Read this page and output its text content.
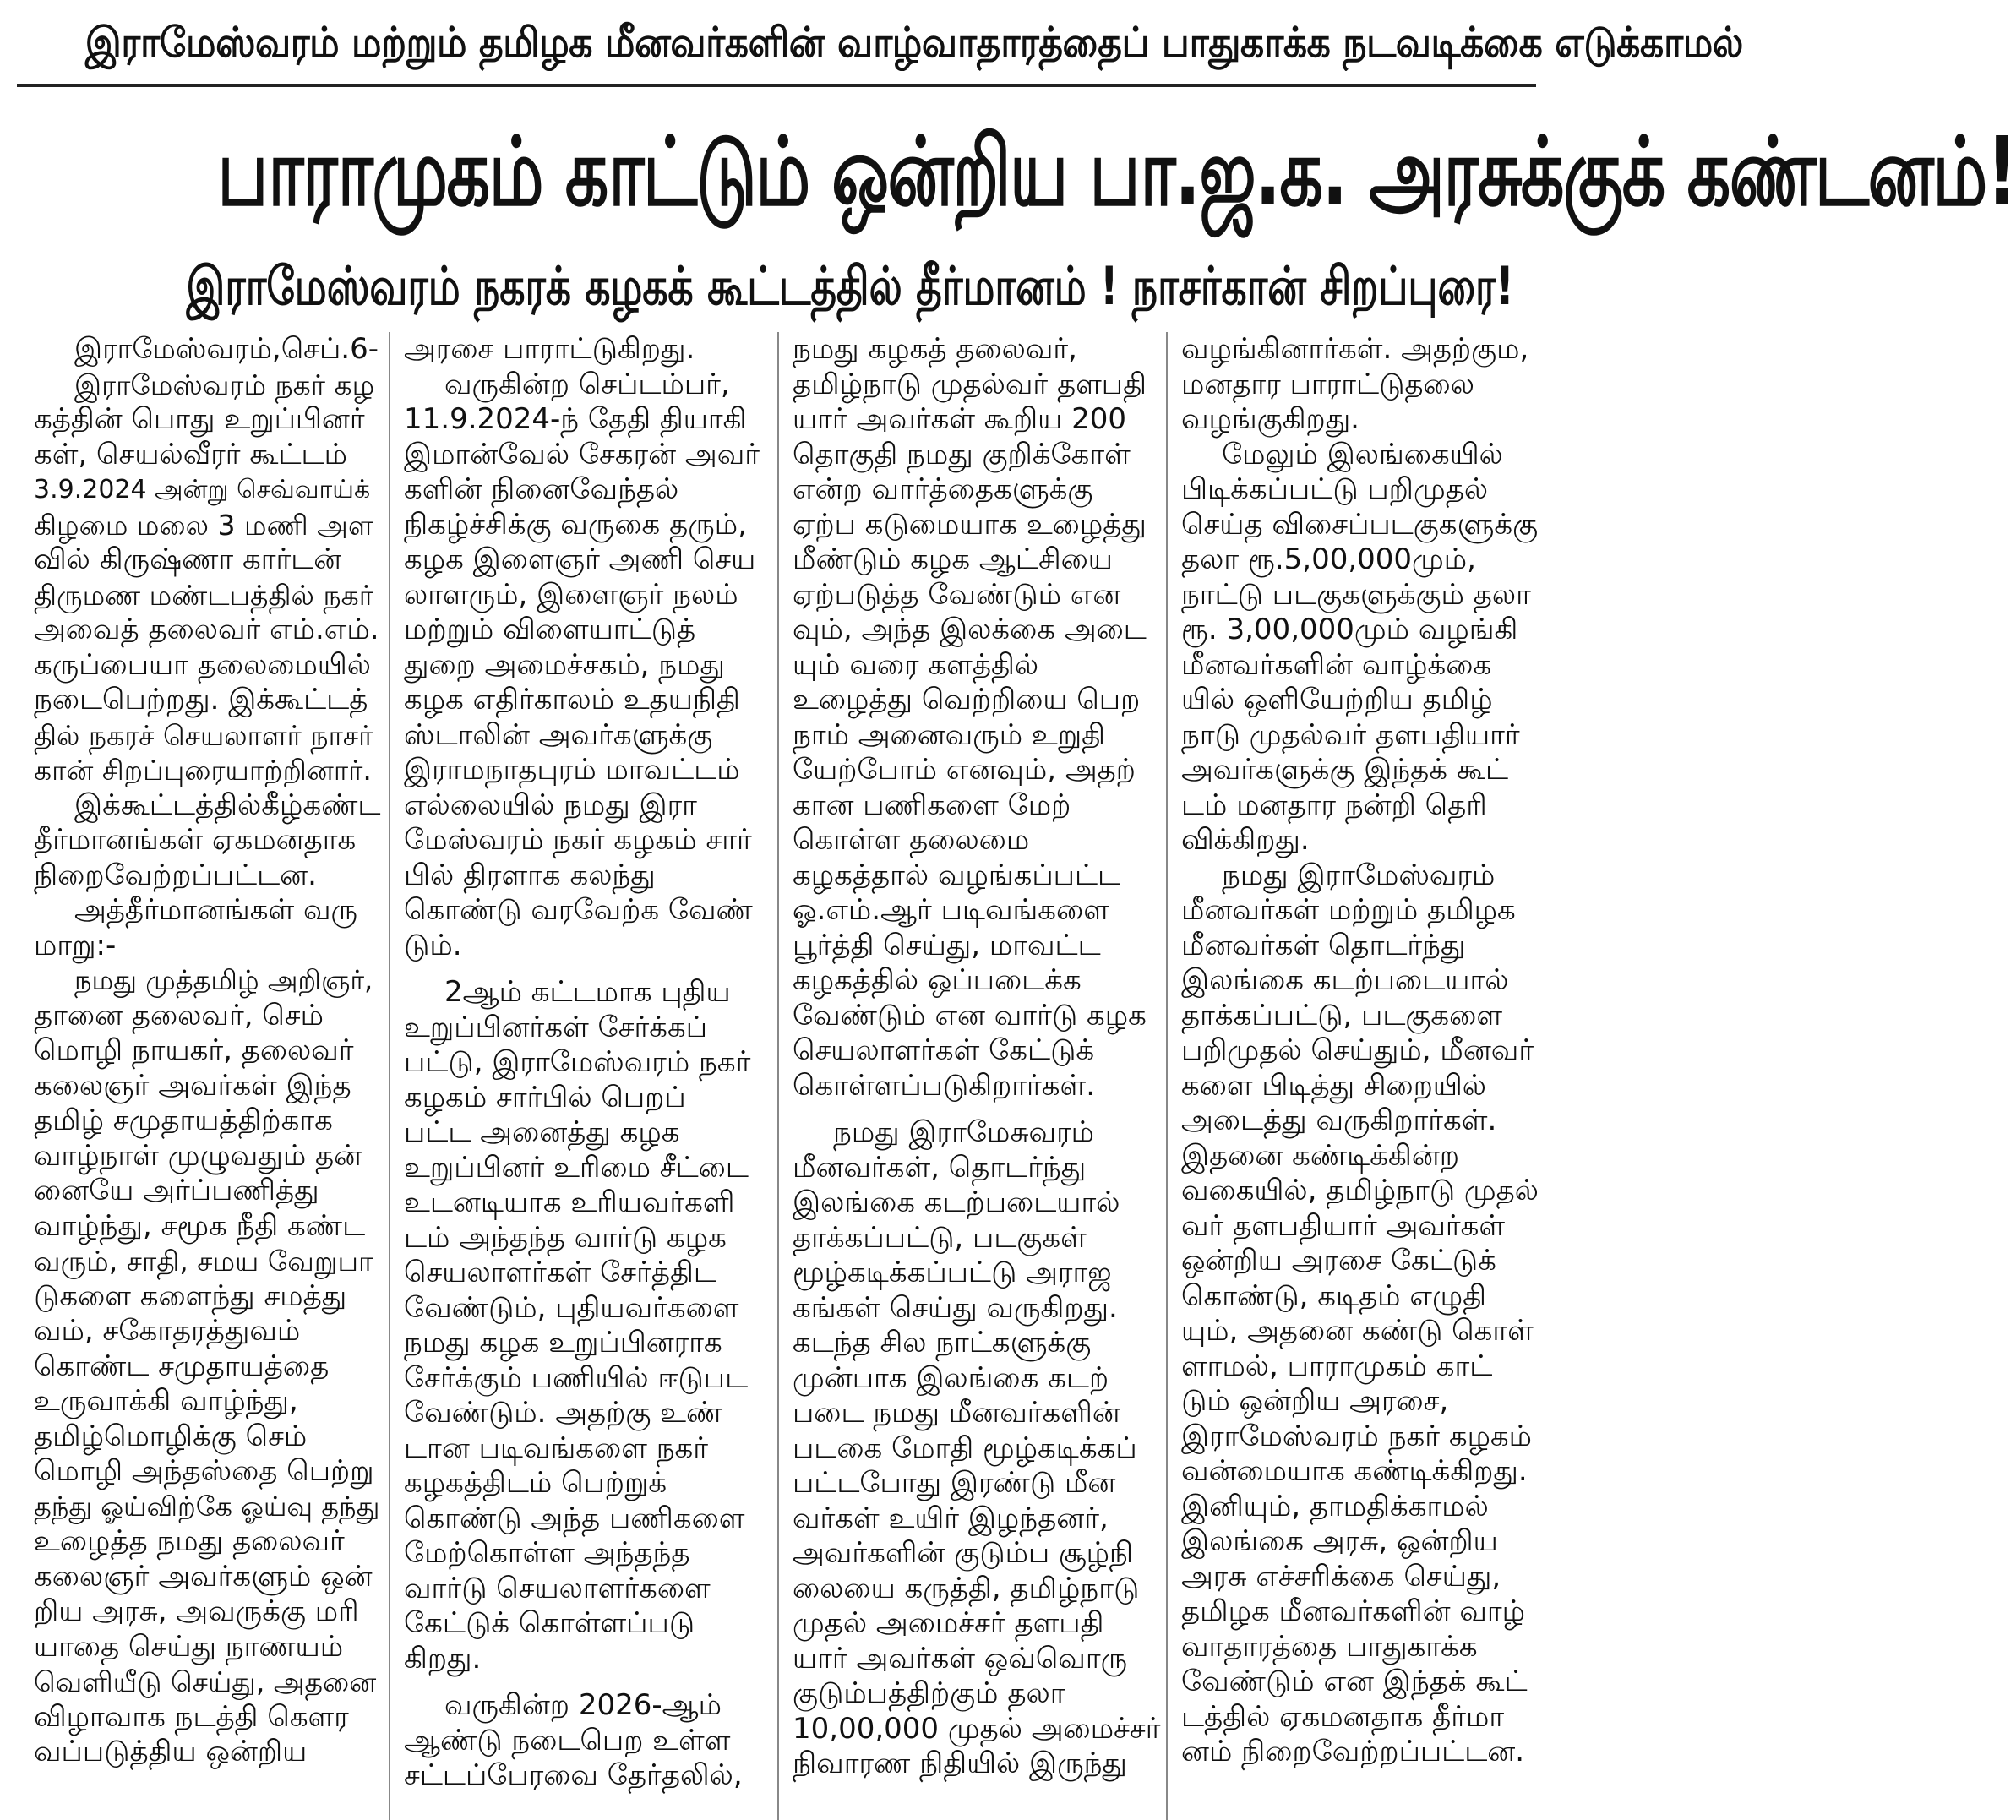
இராமேஸ்வரம் மற்றும் தமிழக மீனவர்களின் வாழ்வாதாரத்தைப் பாதுகாக்க நடவடிக்கை எடுக்காமல்
பாராமுகம் காட்டும் ஒன்றிய பா.ஜ.க. அரசுக்குக் கண்டனம்!
இராமேஸ்வரம் நகரக் கழகக் கூட்டத்தில் தீர்மானம் ! நாசர்கான் சிறப்புரை!
இராமேஸ்வரம்,செப்.6-
இராமேஸ்வரம் நகர் கழ
கத்தின் பொது உறுப்பினர்
கள், செயல்வீரர் கூட்டம்
3.9.2024 அன்று செவ்வாய்க்
கிழமை மலை 3 மணி அள
வில் கிருஷ்ணா கார்டன்
திருமண மண்டபத்தில் நகர்
அவைத் தலைவர் எம்.எம்.
கருப்பையா தலைமையில்
நடைபெற்றது. இக்கூட்டத்
தில் நகரச் செயலாளர் நாசர்
கான் சிறப்புரையாற்றினார்.
இக்கூட்டத்தில்கீழ்கண்ட
தீர்மானங்கள் ஏகமனதாக
நிறைவேற்றப்பட்டன.
அத்தீர்மானங்கள் வரு
மாறு:-
நமது முத்தமிழ் அறிஞர்,
தானை தலைவர், செம்
மொழி நாயகர், தலைவர்
கலைஞர் அவர்கள் இந்த
தமிழ் சமுதாயத்திற்காக
வாழ்நாள் முழுவதும் தன்
னையே அர்ப்பணித்து
வாழ்ந்து, சமூக நீதி கண்ட
வரும், சாதி, சமய வேறுபா
டுகளை களைந்து சமத்து
வம், சகோதரத்துவம்
கொண்ட சமுதாயத்தை
உருவாக்கி வாழ்ந்து,
தமிழ்மொழிக்கு செம்
மொழி அந்தஸ்தை பெற்று
தந்து ஓய்விற்கே ஓய்வு தந்து
உழைத்த நமது தலைவர்
கலைஞர் அவர்களும் ஒன்
றிய அரசு, அவருக்கு மரி
யாதை செய்து நாணயம்
வெளியீடு செய்து, அதனை
விழாவாக நடத்தி கௌர
வப்படுத்திய ஒன்றிய
அரசை பாராட்டுகிறது.
வருகின்ற செப்டம்பர்,
11.9.2024-ந் தேதி தியாகி
இமான்வேல் சேகரன் அவர்
களின் நினைவேந்தல்
நிகழ்ச்சிக்கு வருகை தரும்,
கழக இளைஞர் அணி செய
லாளரும், இளைஞர் நலம்
மற்றும் விளையாட்டுத்
துறை அமைச்சகம், நமது
கழக எதிர்காலம் உதயநிதி
ஸ்டாலின் அவர்களுக்கு
இராமநாதபுரம் மாவட்டம்
எல்லையில் நமது இரா
மேஸ்வரம் நகர் கழகம் சார்
பில் திரளாக கலந்து
கொண்டு வரவேற்க வேண்
டும்.
2ஆம் கட்டமாக புதிய
உறுப்பினர்கள் சேர்க்கப்
பட்டு, இராமேஸ்வரம் நகர்
கழகம் சார்பில் பெறப்
பட்ட அனைத்து கழக
உறுப்பினர் உரிமை சீட்டை
உடனடியாக உரியவர்களி
டம் அந்தந்த வார்டு கழக
செயலாளர்கள் சேர்த்திட
வேண்டும், புதியவர்களை
நமது கழக உறுப்பினராக
சேர்க்கும் பணியில் ஈடுபட
வேண்டும். அதற்கு உண்
டான படிவங்களை நகர்
கழகத்திடம் பெற்றுக்
கொண்டு அந்த பணிகளை
மேற்கொள்ள அந்தந்த
வார்டு செயலாளர்களை
கேட்டுக் கொள்ளப்படு
கிறது.
வருகின்ற 2026-ஆம்
ஆண்டு நடைபெற உள்ள
சட்டப்பேரவை தேர்தலில்,
நமது கழகத் தலைவர்,
தமிழ்நாடு முதல்வர் தளபதி
யார் அவர்கள் கூறிய 200
தொகுதி நமது குறிக்கோள்
என்ற வார்த்தைகளுக்கு
ஏற்ப கடுமையாக உழைத்து
மீண்டும் கழக ஆட்சியை
ஏற்படுத்த வேண்டும் என
வும், அந்த இலக்கை அடை
யும் வரை களத்தில்
உழைத்து வெற்றியை பெற
நாம் அனைவரும் உறுதி
யேற்போம் எனவும், அதற்
கான பணிகளை மேற்
கொள்ள தலைமை
கழகத்தால் வழங்கப்பட்ட
ஓ.எம்.ஆர் படிவங்களை
பூர்த்தி செய்து, மாவட்ட
கழகத்தில் ஒப்படைக்க
வேண்டும் என வார்டு கழக
செயலாளர்கள் கேட்டுக்
கொள்ளப்படுகிறார்கள்.
நமது இராமேசுவரம்
மீனவர்கள், தொடர்ந்து
இலங்கை கடற்படையால்
தாக்கப்பட்டு, படகுகள்
மூழ்கடிக்கப்பட்டு அராஜ
கங்கள் செய்து வருகிறது.
கடந்த சில நாட்களுக்கு
முன்பாக இலங்கை கடற்
படை நமது மீனவர்களின்
படகை மோதி மூழ்கடிக்கப்
பட்டபோது இரண்டு மீன
வர்கள் உயிர் இழந்தனர்,
அவர்களின் குடும்ப சூழ்நி
லையை கருத்தி, தமிழ்நாடு
முதல் அமைச்சர் தளபதி
யார் அவர்கள் ஒவ்வொரு
குடும்பத்திற்கும் தலா
10,00,000 முதல் அமைச்சர்
நிவாரண நிதியில் இருந்து
வழங்கினார்கள். அதற்கும,
மனதார பாராட்டுதலை
வழங்குகிறது.
மேலும் இலங்கையில்
பிடிக்கப்பட்டு பறிமுதல்
செய்த விசைப்படகுகளுக்கு
தலா ரூ.5,00,000மும்,
நாட்டு படகுகளுக்கும் தலா
ரூ. 3,00,000மும் வழங்கி
மீனவர்களின் வாழ்க்கை
யில் ஒளியேற்றிய தமிழ்
நாடு முதல்வர் தளபதியார்
அவர்களுக்கு இந்தக் கூட்
டம் மனதார நன்றி தெரி
விக்கிறது.
நமது இராமேஸ்வரம்
மீனவர்கள் மற்றும் தமிழக
மீனவர்கள் தொடர்ந்து
இலங்கை கடற்படையால்
தாக்கப்பட்டு, படகுகளை
பறிமுதல் செய்தும், மீனவர்
களை பிடித்து சிறையில்
அடைத்து வருகிறார்கள்.
இதனை கண்டிக்கின்ற
வகையில், தமிழ்நாடு முதல்
வர் தளபதியார் அவர்கள்
ஒன்றிய அரசை கேட்டுக்
கொண்டு, கடிதம் எழுதி
யும், அதனை கண்டு கொள்
ளாமல், பாராமுகம் காட்
டும் ஒன்றிய அரசை,
இராமேஸ்வரம் நகர் கழகம்
வன்மையாக கண்டிக்கிறது.
இனியும், தாமதிக்காமல்
இலங்கை அரசு, ஒன்றிய
அரசு எச்சரிக்கை செய்து,
தமிழக மீனவர்களின் வாழ்
வாதாரத்தை பாதுகாக்க
வேண்டும் என இந்தக் கூட்
டத்தில் ஏகமனதாக தீர்மா
னம் நிறைவேற்றப்பட்டன.
